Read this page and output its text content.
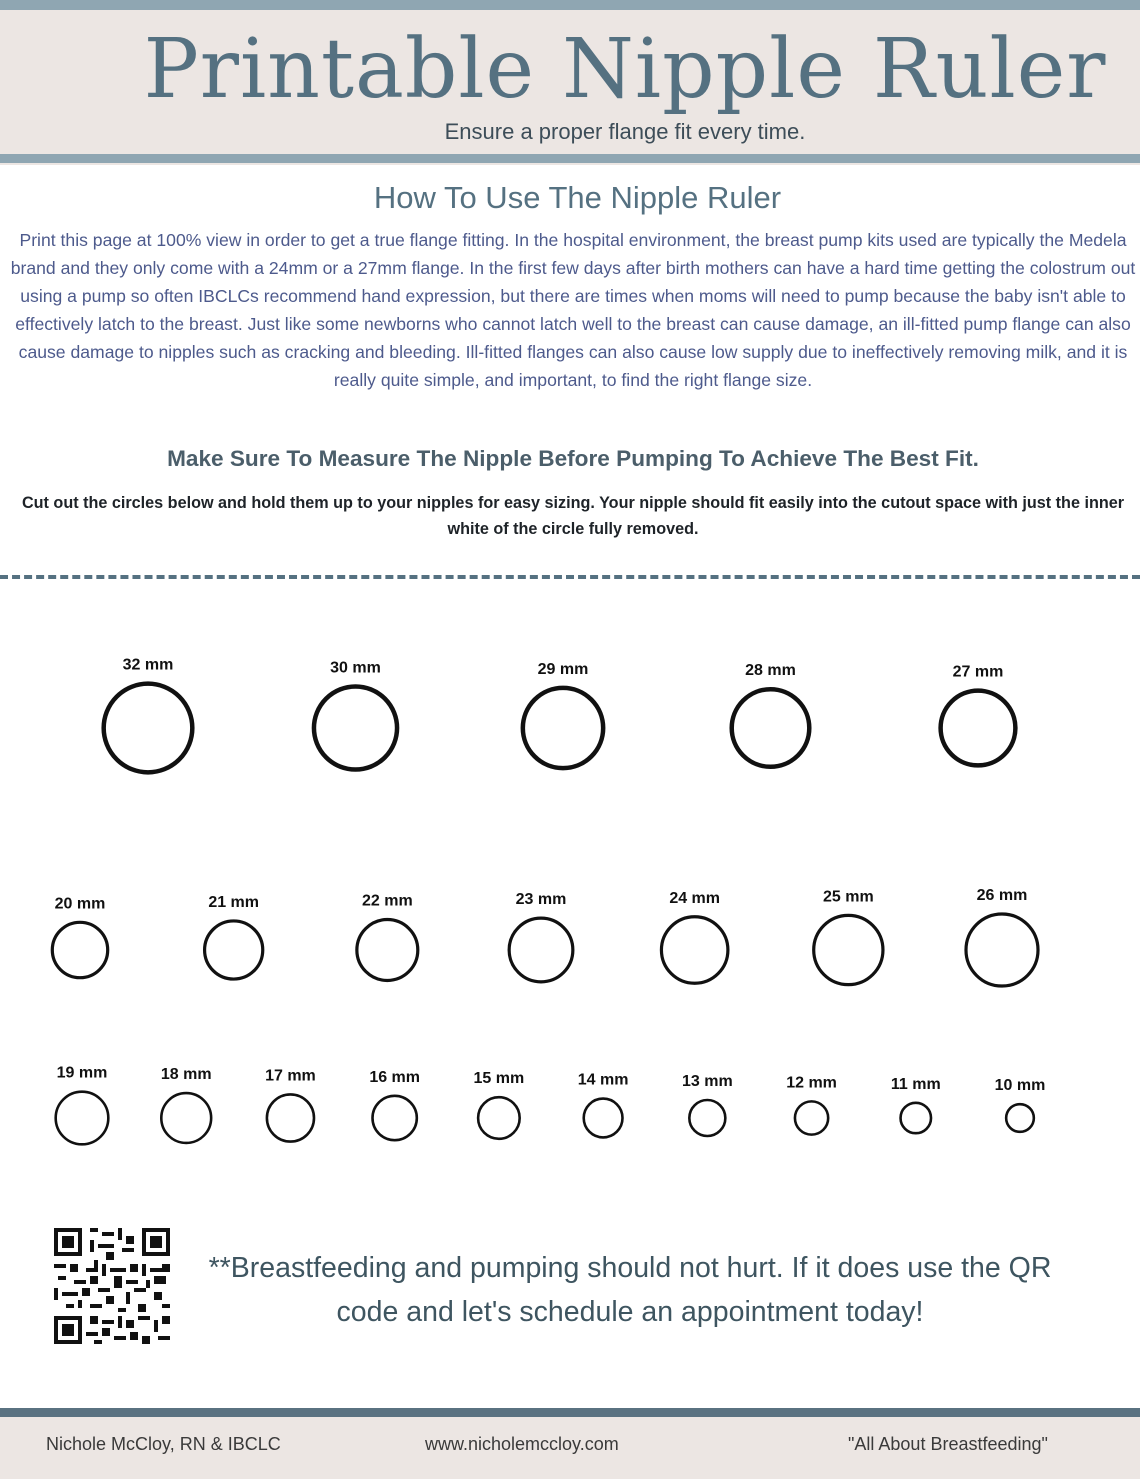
Printable Nipple Ruler
Ensure a proper flange fit every time.
How To Use The Nipple Ruler

Print this page at 100% view in order to get a true flange fitting. In the hospital environment, the breast pump kits used are typically the Medela brand and they only come with a 24mm or a 27mm flange. In the first few days after birth mothers can have a hard time getting the colostrum out using a pump so often IBCLCs recommend hand expression, but there are times when moms will need to pump because the baby isn't able to effectively latch to the breast. Just like some newborns who cannot latch well to the breast can cause damage, an ill-fitted pump flange can also cause damage to nipples such as cracking and bleeding. Ill-fitted flanges can also cause low supply due to ineffectively removing milk, and it is really quite simple, and important, to find the right flange size.

Make Sure To Measure The Nipple Before Pumping To Achieve The Best Fit.

Cut out the circles below and hold them up to your nipples for easy sizing. Your nipple should fit easily into the cutout space with just the inner white of the circle fully removed.

32 mm	30 mm	29 mm	28 mm	27 mm
20 mm	21 mm	22 mm	23 mm	24 mm	25 mm	26 mm
19 mm	18 mm	17 mm	16 mm	15 mm	14 mm	13 mm	12 mm	11 mm	10 mm

**Breastfeeding and pumping should not hurt. If it does use the QR code and let's schedule an appointment today!

Nichole McCloy, RN & IBCLC	www.nicholemccloy.com	"All About Breastfeeding"
